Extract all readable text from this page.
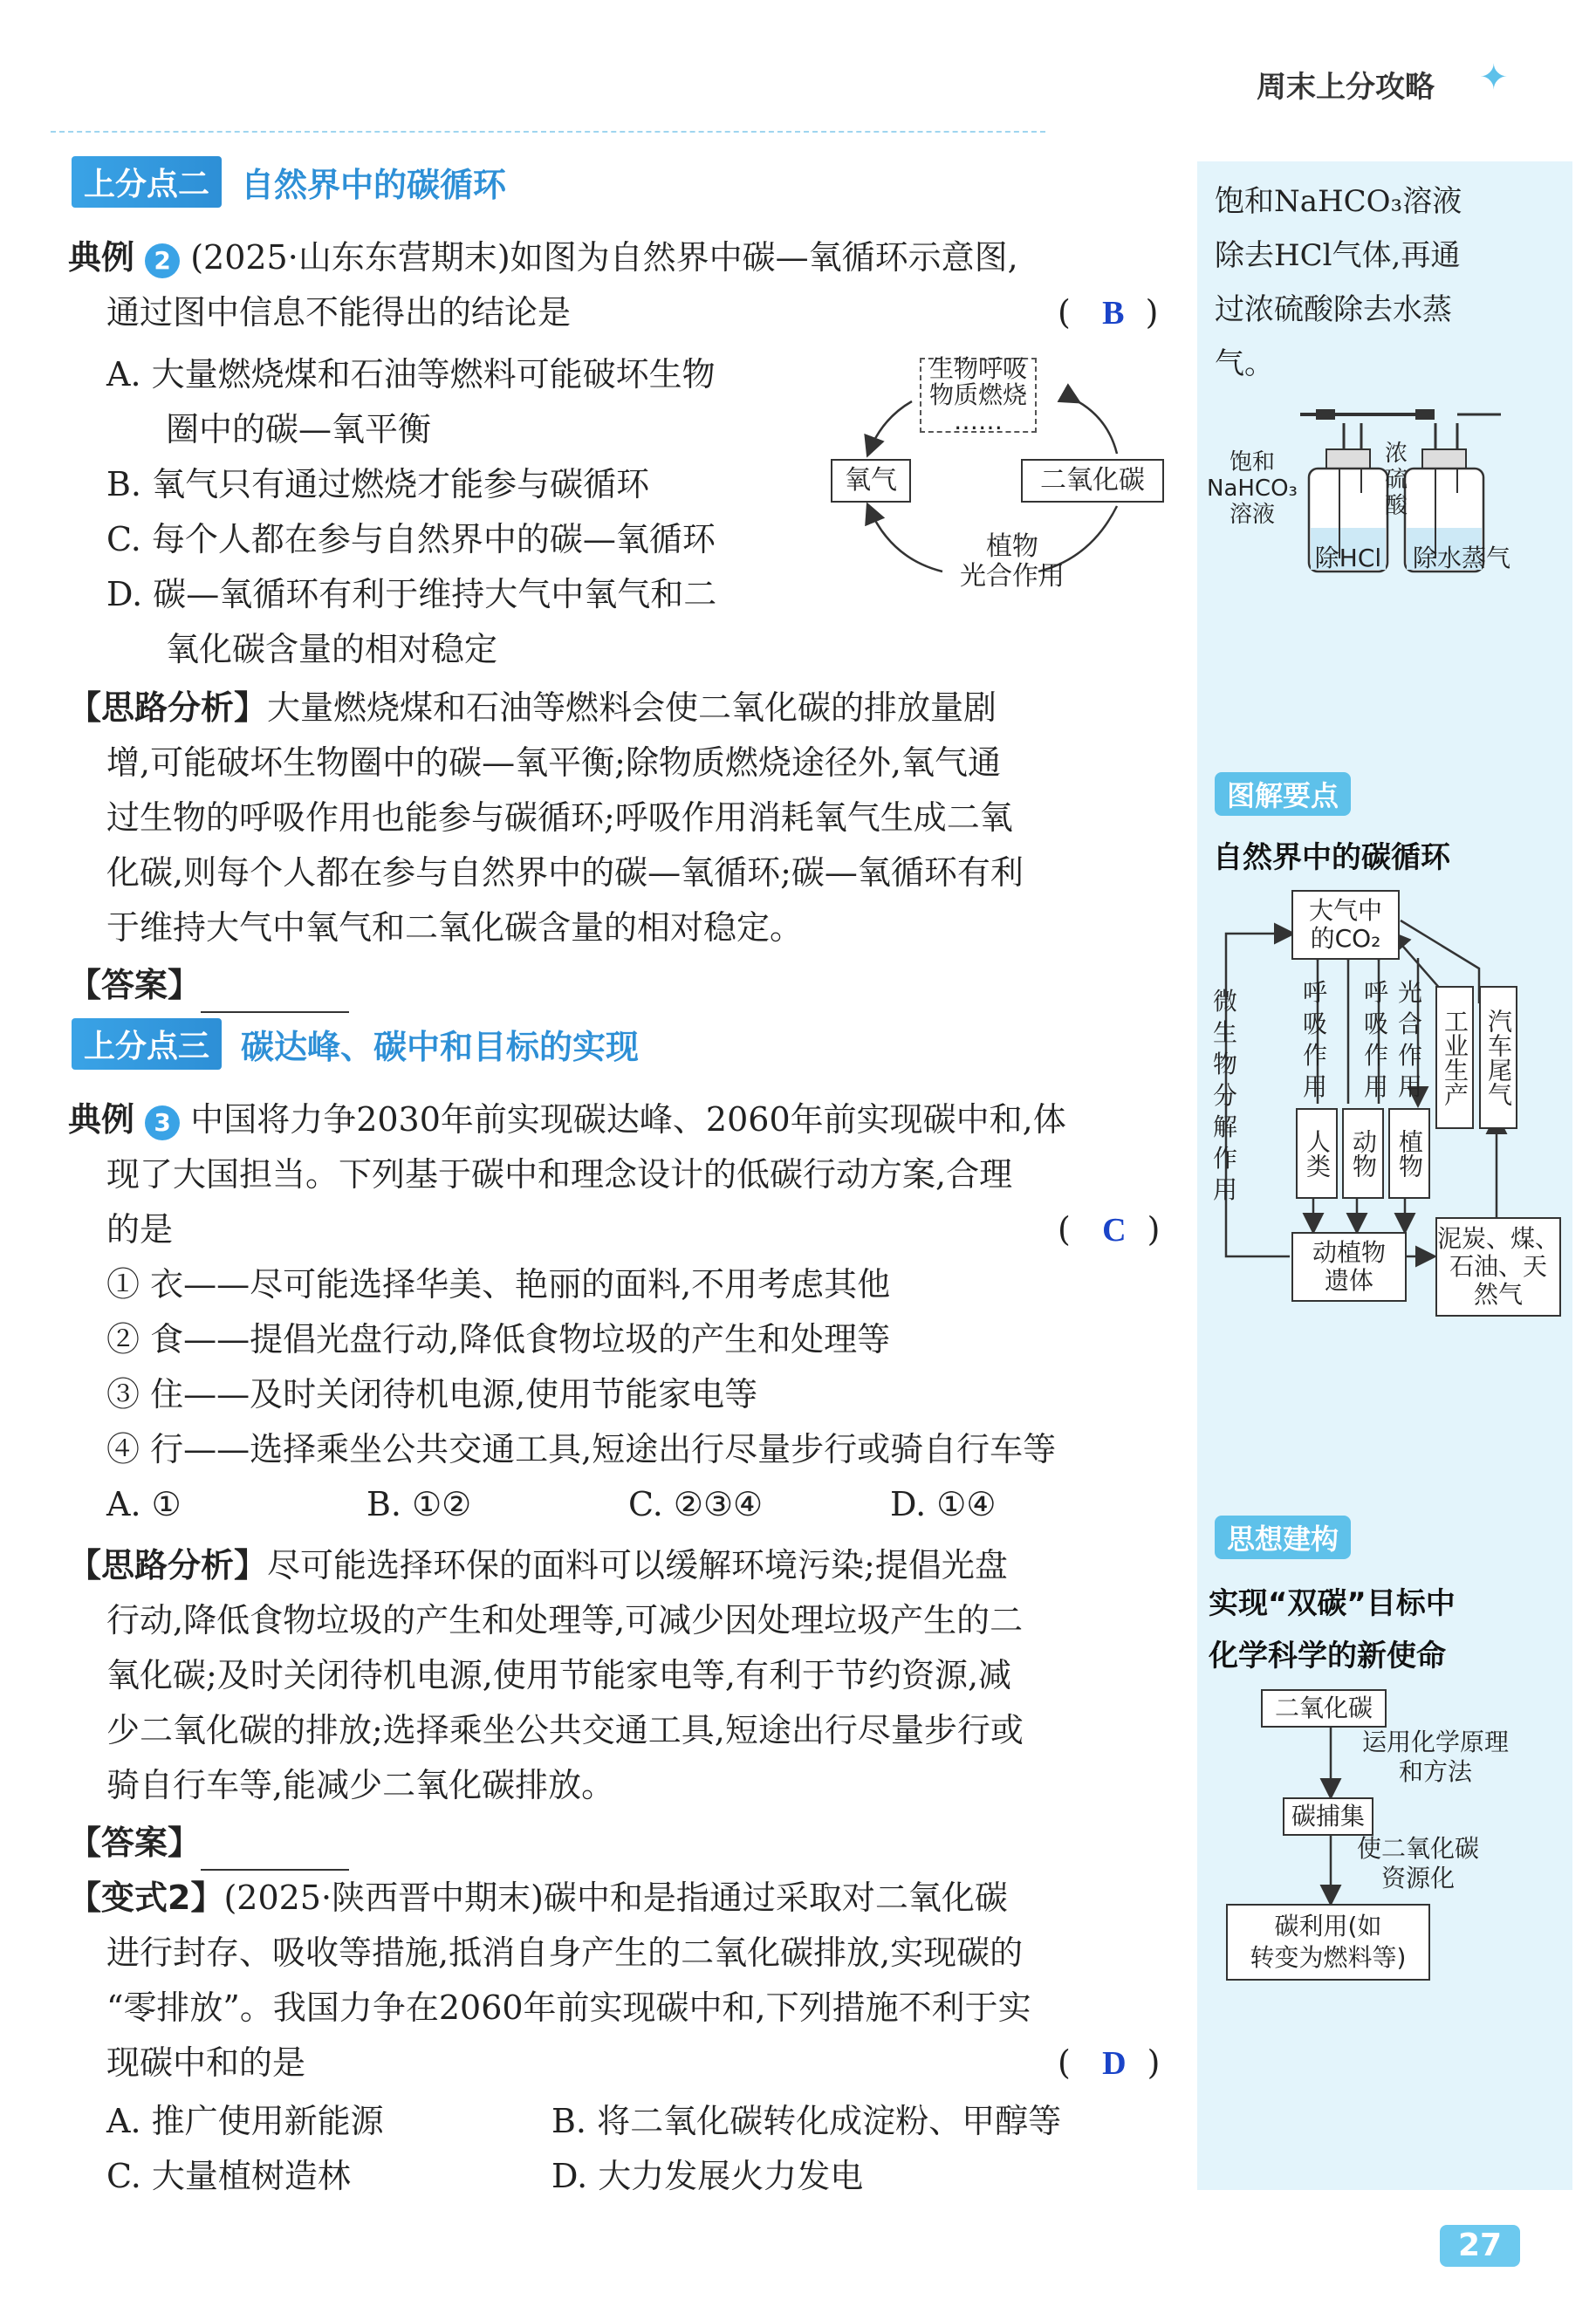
周末上分攻略 ✦
上分点二 自然界中的碳循环
典例 2 (2025·山东东营期末)如图为自然界中碳—氧循环示意图,
通过图中信息不能得出的结论是	(   B  )
A. 大量燃烧煤和石油等燃料可能破坏生物
圈中的碳—氧平衡
B. 氧气只有通过燃烧才能参与碳循环
C. 每个人都在参与自然界中的碳—氧循环
D. 碳—氧循环有利于维持大气中氧气和二
氧化碳含量的相对稳定
生物呼吸
物质燃烧
……
氧气	二氧化碳
植物
光合作用
【思路分析】大量燃烧煤和石油等燃料会使二氧化碳的排放量剧
增,可能破坏生物圈中的碳—氧平衡;除物质燃烧途径外,氧气通
过生物的呼吸作用也能参与碳循环;呼吸作用消耗氧气生成二氧
化碳,则每个人都在参与自然界中的碳—氧循环;碳—氧循环有利
于维持大气中氧气和二氧化碳含量的相对稳定。
【答案】
上分点三 碳达峰、碳中和目标的实现
典例 3 中国将力争2030年前实现碳达峰、2060年前实现碳中和,体
现了大国担当。下列基于碳中和理念设计的低碳行动方案,合理
的是	(   C  )
① 衣——尽可能选择华美、艳丽的面料,不用考虑其他
② 食——提倡光盘行动,降低食物垃圾的产生和处理等
③ 住——及时关闭待机电源,使用节能家电等
④ 行——选择乘坐公共交通工具,短途出行尽量步行或骑自行车等
A. ①	B. ①②	C. ②③④	D. ①④
【思路分析】尽可能选择环保的面料可以缓解环境污染;提倡光盘
行动,降低食物垃圾的产生和处理等,可减少因处理垃圾产生的二
氧化碳;及时关闭待机电源,使用节能家电等,有利于节约资源,减
少二氧化碳的排放;选择乘坐公共交通工具,短途出行尽量步行或
骑自行车等,能减少二氧化碳排放。
【答案】
【变式2】(2025·陕西晋中期末)碳中和是指通过采取对二氧化碳
进行封存、吸收等措施,抵消自身产生的二氧化碳排放,实现碳的
“零排放”。我国力争在2060年前实现碳中和,下列措施不利于实
现碳中和的是	(   D  )
A. 推广使用新能源	B. 将二氧化碳转化成淀粉、甲醇等
C. 大量植树造林	D. 大力发展火力发电
饱和NaHCO₃溶液
除去HCl气体,再通
过浓硫酸除去水蒸
气。
饱和
NaHCO₃
溶液
浓
硫
酸
除HCl	除水蒸气
图解要点
自然界中的碳循环
大气中
的CO₂
呼吸作用
呼吸作用
光合作用 工业生产 汽车尾气
微生物分解作用
人类 动物 植物
动植物
遗体
泥炭、煤、
石油、天
然气
思想建构
实现“双碳”目标中
化学科学的新使命
二氧化碳
运用化学原理
和方法
碳捕集
使二氧化碳
资源化
碳利用(如
转变为燃料等)
27
